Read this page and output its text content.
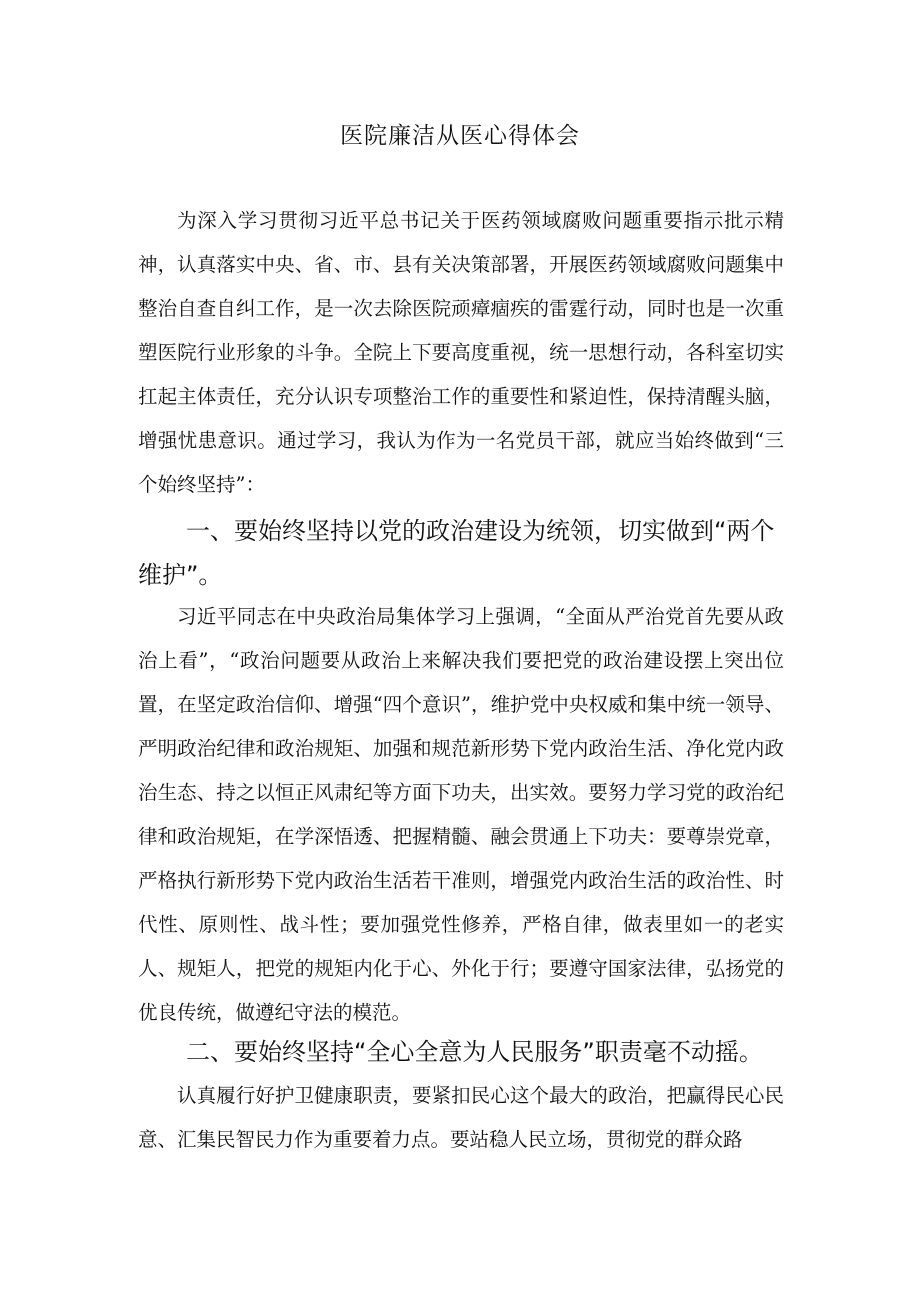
医院廉洁从医心得体会

为深入学习贯彻习近平总书记关于医药领域腐败问题重要指示批示精神，认真落实中央、省、市、县有关决策部署，开展医药领域腐败问题集中整治自查自纠工作，是一次去除医院顽瘴痼疾的雷霆行动，同时也是一次重塑医院行业形象的斗争。全院上下要高度重视，统一思想行动，各科室切实扛起主体责任，充分认识专项整治工作的重要性和紧迫性，保持清醒头脑，增强忧患意识。通过学习，我认为作为一名党员干部，就应当始终做到“三个始终坚持”：

一、要始终坚持以党的政治建设为统领，切实做到“两个维护”。

习近平同志在中央政治局集体学习上强调，“全面从严治党首先要从政治上看”，“政治问题要从政治上来解决我们要把党的政治建设摆上突出位置，在坚定政治信仰、增强“四个意识”，维护党中央权威和集中统一领导、严明政治纪律和政治规矩、加强和规范新形势下党内政治生活、净化党内政治生态、持之以恒正风肃纪等方面下功夫，出实效。要努力学习党的政治纪律和政治规矩，在学深悟透、把握精髓、融会贯通上下功夫：要尊崇党章，严格执行新形势下党内政治生活若干准则，增强党内政治生活的政治性、时代性、原则性、战斗性；要加强党性修养，严格自律，做表里如一的老实人、规矩人，把党的规矩内化于心、外化于行；要遵守国家法律，弘扬党的优良传统，做遵纪守法的模范。

二、要始终坚持“全心全意为人民服务”职责毫不动摇。

认真履行好护卫健康职责，要紧扣民心这个最大的政治，把赢得民心民意、汇集民智民力作为重要着力点。要站稳人民立场，贯彻党的群众路
